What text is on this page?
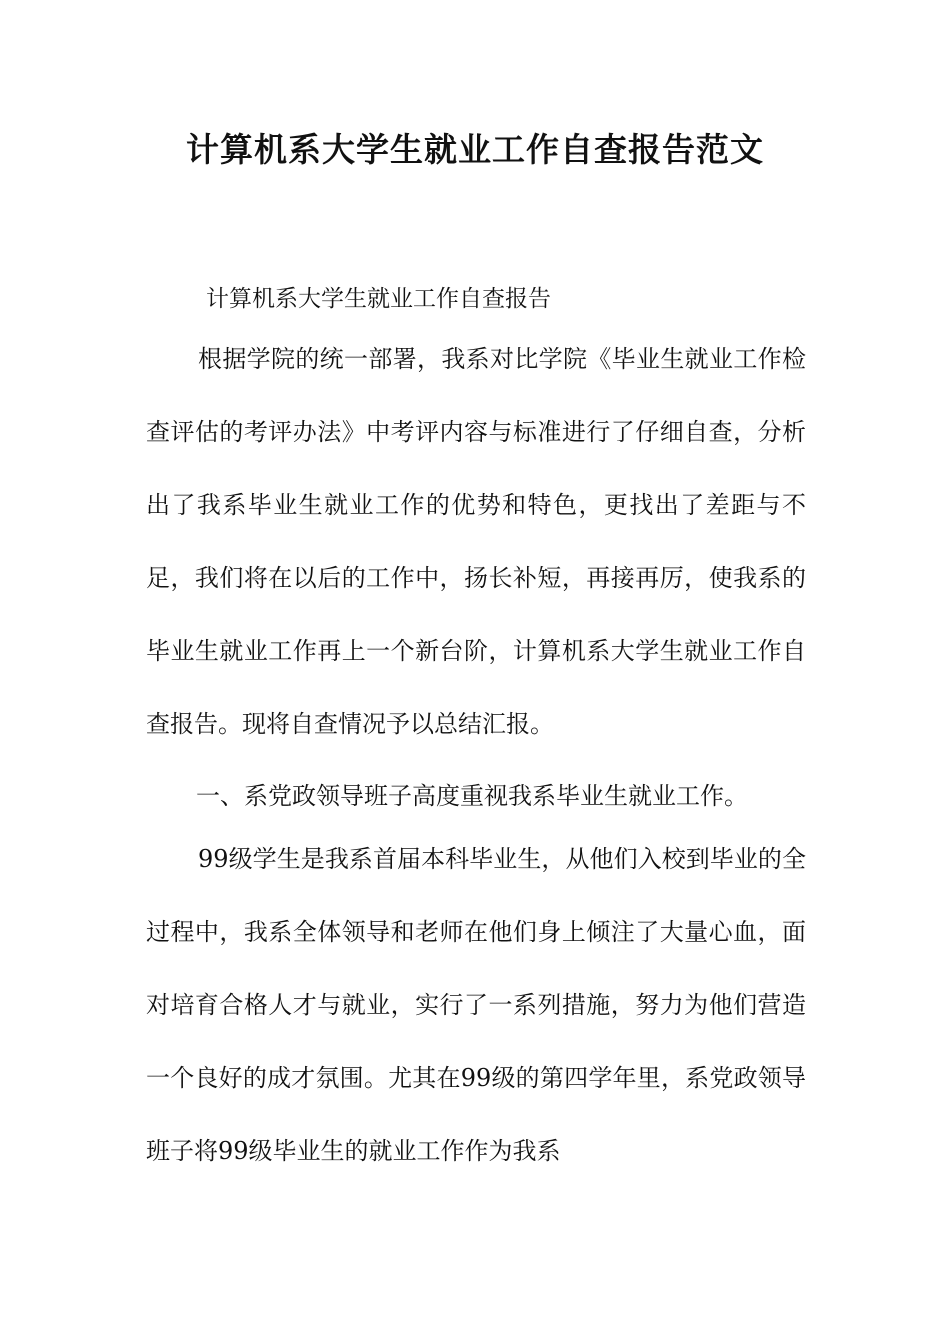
计算机系大学生就业工作自查报告范文

计算机系大学生就业工作自查报告

根据学院的统一部署，我系对比学院《毕业生就业工作检查评估的考评办法》中考评内容与标准进行了仔细自查，分析出了我系毕业生就业工作的优势和特色，更找出了差距与不足，我们将在以后的工作中，扬长补短，再接再厉，使我系的毕业生就业工作再上一个新台阶，计算机系大学生就业工作自查报告。现将自查情况予以总结汇报。

一、系党政领导班子高度重视我系毕业生就业工作。

99级学生是我系首届本科毕业生，从他们入校到毕业的全过程中，我系全体领导和老师在他们身上倾注了大量心血，面对培育合格人才与就业，实行了一系列措施，努力为他们营造一个良好的成才氛围。尤其在99级的第四学年里，系党政领导班子将99级毕业生的就业工作作为我系
